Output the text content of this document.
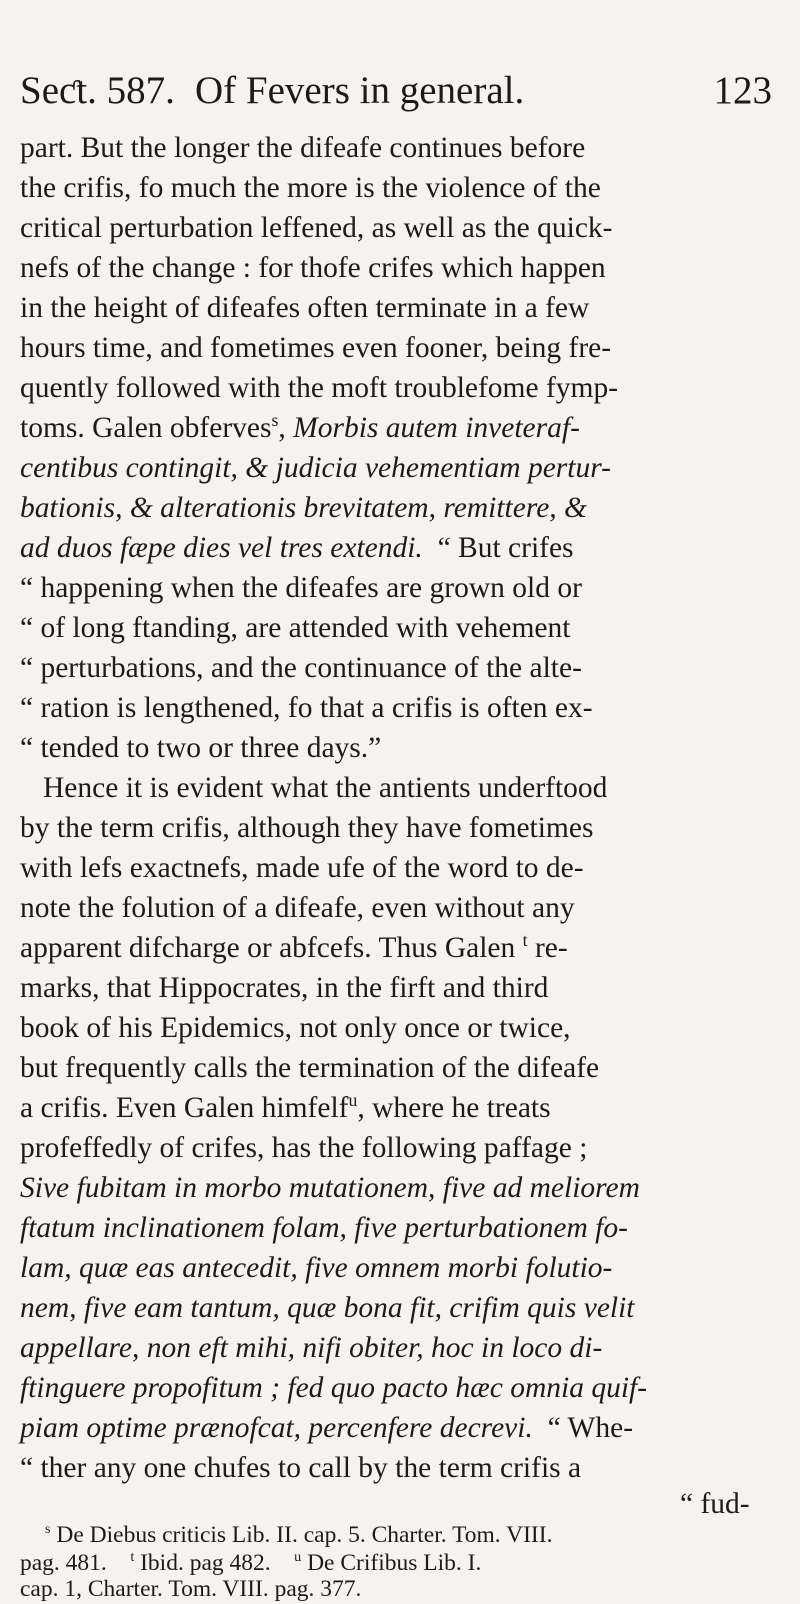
Seƈt. 587. Of Fevers in general.	123
part. But the longer the difeafe continues before
the crifis, fo much the more is the violence of the
critical perturbation leffened, as well as the quick-
nefs of the change : for thofe crifes which happen
in the height of difeafes often terminate in a few
hours time, and fometimes even fooner, being fre-
quently followed with the moft troublefome fymp-
toms. Galen obferves$^s$, Morbis autem inveteraf-
centibus contingit, & judicia vehementiam pertur-
bationis, & alterationis brevitatem, remittere, &
ad duos fæpe dies vel tres extendi. “ But crifes
“ happening when the difeafes are grown old or
“ of long ftanding, are attended with vehement
“ perturbations, and the continuance of the alte-
“ ration is lengthened, fo that a crifis is often ex-
“ tended to two or three days.”
Hence it is evident what the antients underftood
by the term crifis, although they have fometimes
with lefs exactnefs, made ufe of the word to de-
note the folution of a difeafe, even without any
apparent difcharge or abfcefs. Thus Galen $^t$ re-
marks, that Hippocrates, in the firft and third
book of his Epidemics, not only once or twice,
but frequently calls the termination of the difeafe
a crifis. Even Galen himfelf$^u$, where he treats
profeffedly of crifes, has the following paffage ;
Sive fubitam in morbo mutationem, five ad meliorem
ftatum inclinationem folam, five perturbationem fo-
lam, quæ eas antecedit, five omnem morbi folutio-
nem, five eam tantum, quæ bona fit, crifim quis velit
appellare, non eft mihi, nifi obiter, hoc in loco di-
ftinguere propofitum ; fed quo pacto hæc omnia quif-
piam optime prænofcat, percenfere decrevi. “ Whe-
“ ther any one chufes to call by the term crifis a
“ fud-
$^s$ De Diebus criticis Lib. II. cap. 5. Charter. Tom. VIII.
pag. 481. $^t$ Ibid. pag 482. $^u$ De Crifibus Lib. I.
cap. 1, Charter. Tom. VIII. pag. 377.
